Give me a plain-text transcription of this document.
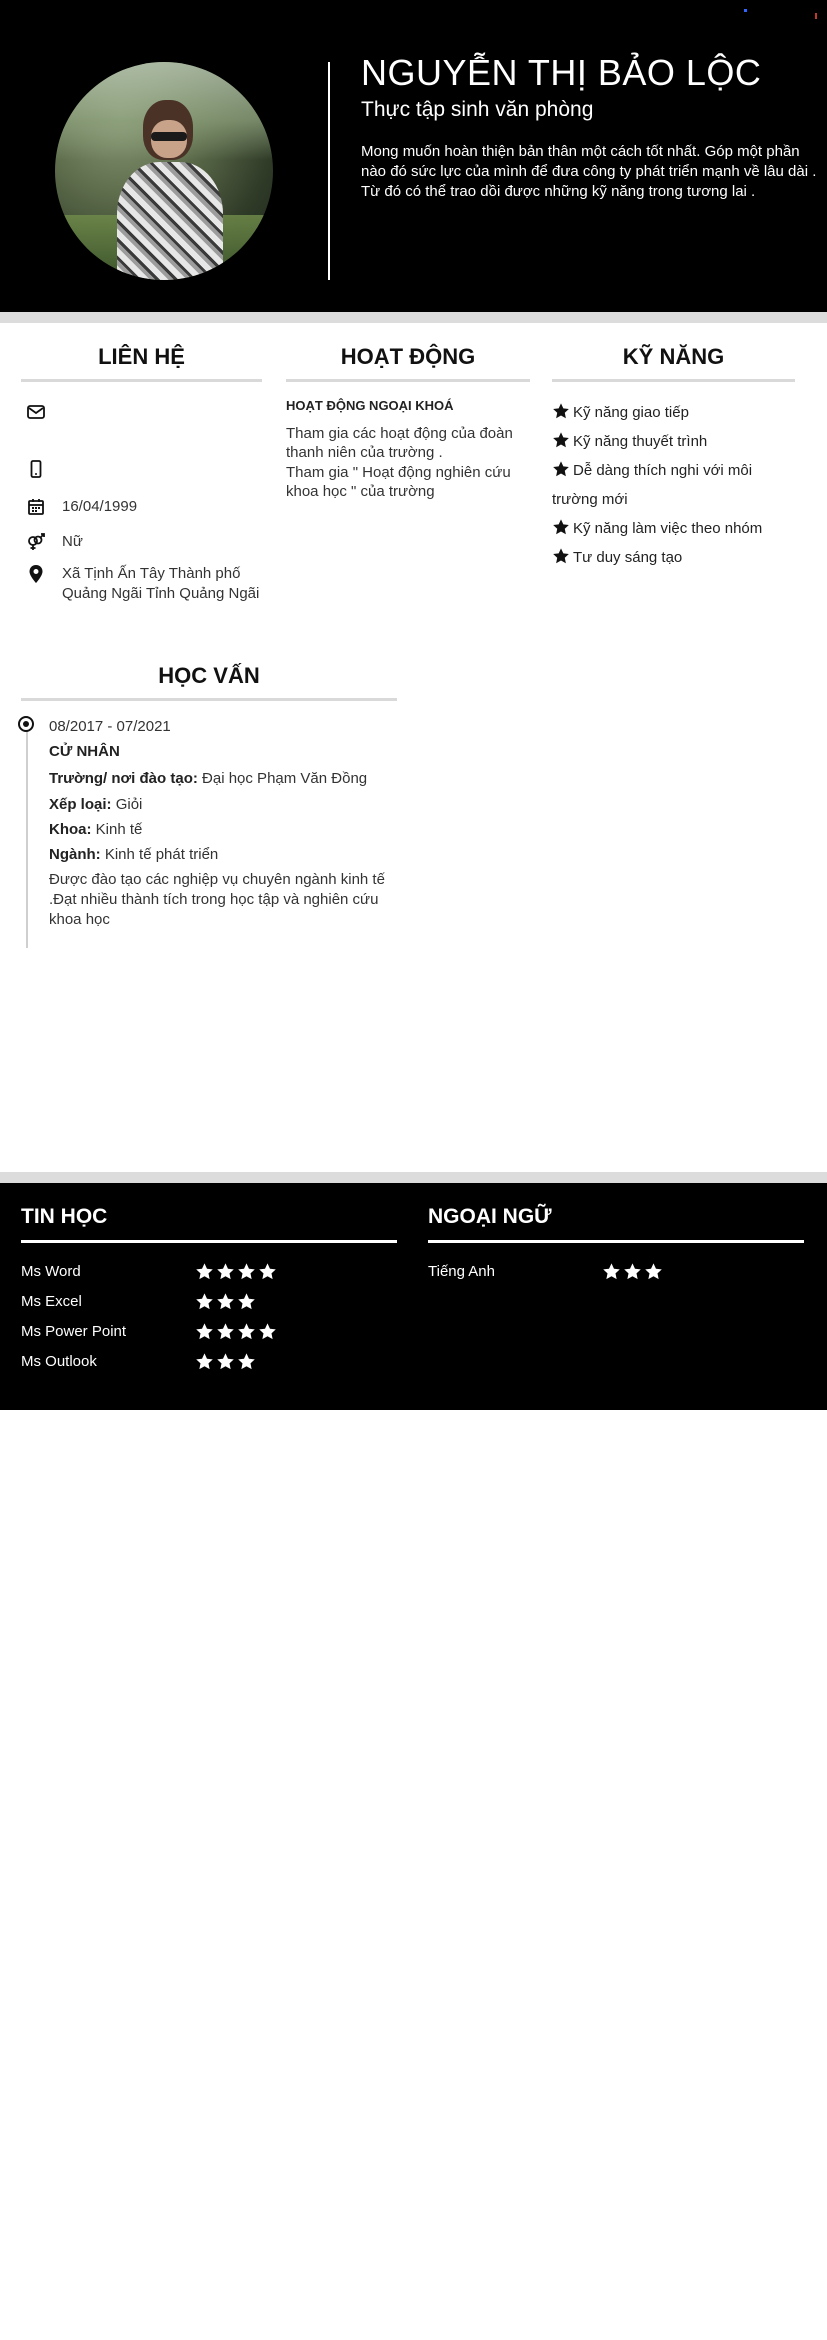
NGUYỄN THỊ BẢO LỘC
Thực tập sinh văn phòng
Mong muốn hoàn thiện bản thân một cách tốt nhất. Góp một phần nào đó sức lực của mình để đưa công ty phát triển mạnh về lâu dài . Từ đó có thể trao dồi được những kỹ năng trong tương lai .
LIÊN HỆ
16/04/1999
Nữ
Xã Tịnh Ấn Tây Thành phố Quảng Ngãi Tỉnh Quảng Ngãi
HOẠT ĐỘNG
HOẠT ĐỘNG NGOẠI KHOÁ
Tham gia các hoạt động của đoàn thanh niên của trường .
Tham gia " Hoạt động nghiên cứu khoa học " của trường
KỸ NĂNG
Kỹ năng giao tiếp
Kỹ năng thuyết trình
Dễ dàng thích nghi với môi trường mới
Kỹ năng làm việc theo nhóm
Tư duy sáng tạo
HỌC VẤN
08/2017 - 07/2021
CỬ NHÂN
Trường/ nơi đào tạo: Đại học Phạm Văn Đồng
Xếp loại: Giỏi
Khoa: Kinh tế
Ngành: Kinh tế phát triển
Được đào tạo các nghiệp vụ chuyên ngành kinh tế .Đạt nhiều thành tích trong học tập và nghiên cứu khoa học
TIN HỌC	NGOẠI NGỮ
Ms Word
Ms Excel
Ms Power Point
Ms Outlook
Tiếng Anh
